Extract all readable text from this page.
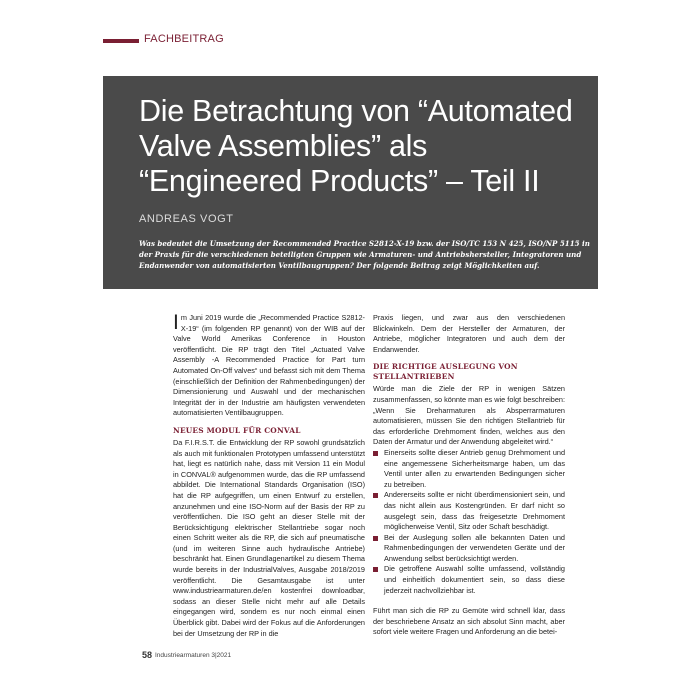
FACHBEITRAG
Die Betrachtung von “Automated Valve Assemblies” als “Engineered Products” – Teil II
ANDREAS VOGT

Was bedeutet die Umsetzung der Recommended Practice S2812-X-19 bzw. der ISO/TC 153 N 425, ISO/NP 5115 in der Praxis für die verschiedenen beteiligten Gruppen wie Armaturen- und Antriebshersteller, Integratoren und Endanwender von automatisierten Ventilbaugruppen? Der folgende Beitrag zeigt Möglichkeiten auf.

Im Juni 2019 wurde die „Recommended Practice S2812-X-19“ (im folgenden RP genannt) von der WIB auf der Valve World Amerikas Conference in Houston veröffentlicht. Die RP trägt den Titel „Actuated Valve Assembly -A Recommended Practice for Part turn Automated On-Off valves“ und befasst sich mit dem Thema (einschließlich der Definition der Rahmenbedingungen) der Dimensionierung und Auswahl und der mechanischen Integrität der in der Industrie am häufigsten verwendeten automatisierten Ventilbaugruppen.

NEUES MODUL FÜR CONVAL

Da F.I.R.S.T. die Entwicklung der RP sowohl grundsätzlich als auch mit funktionalen Prototypen umfassend unterstützt hat, liegt es natürlich nahe, dass mit Version 11 ein Modul in CONVAL® aufgenommen wurde, das die RP umfassend abbildet. Die International Standards Organisation (ISO) hat die RP aufgegriffen, um einen Entwurf zu erstellen, anzunehmen und eine ISO-Norm auf der Basis der RP zu veröffentlichen. Die ISO geht an dieser Stelle mit der Berücksichtigung elektrischer Stellantriebe sogar noch einen Schritt weiter als die RP, die sich auf pneumatische (und im weiteren Sinne auch hydraulische Antriebe) beschränkt hat. Einen Grundlagenartikel zu diesem Thema wurde bereits in der IndustrialValves, Ausgabe 2018/2019 veröffentlicht. Die Gesamtausgabe ist unter www.industriearmaturen.de/en kostenfrei downloadbar, sodass an dieser Stelle nicht mehr auf alle Details eingegangen wird, sondern es nur noch einmal einen Überblick gibt. Dabei wird der Fokus auf die Anforderungen bei der Umsetzung der RP in die

Praxis liegen, und zwar aus den verschiedenen Blickwinkeln. Dem der Hersteller der Armaturen, der Antriebe, möglicher Integratoren und auch dem der Endanwender.

DIE RICHTIGE AUSLEGUNG VON STELLANTRIEBEN

Würde man die Ziele der RP in wenigen Sätzen zusammenfassen, so könnte man es wie folgt beschreiben: „Wenn Sie Dreharmaturen als Absperrarmaturen automatisieren, müssen Sie den richtigen Stellantrieb für das erforderliche Drehmoment finden, welches aus den Daten der Armatur und der Anwendung abgeleitet wird.“

Einerseits sollte dieser Antrieb genug Drehmoment und eine angemessene Sicherheitsmarge haben, um das Ventil unter allen zu erwartenden Bedingungen sicher zu betreiben.
Andererseits sollte er nicht überdimensioniert sein, und das nicht allein aus Kostengründen. Er darf nicht so ausgelegt sein, dass das freigesetzte Drehmoment möglicherweise Ventil, Sitz oder Schaft beschädigt.
Bei der Auslegung sollen alle bekannten Daten und Rahmenbedingungen der verwendeten Geräte und der Anwendung selbst berücksichtigt werden.
Die getroffene Auswahl sollte umfassend, vollständig und einheitlich dokumentiert sein, so dass diese jederzeit nachvollziehbar ist.

Führt man sich die RP zu Gemüte wird schnell klar, dass der beschriebene Ansatz an sich absolut Sinn macht, aber sofort viele weitere Fragen und Anforderung an die betei-

58 Industriearmaturen 3|2021
